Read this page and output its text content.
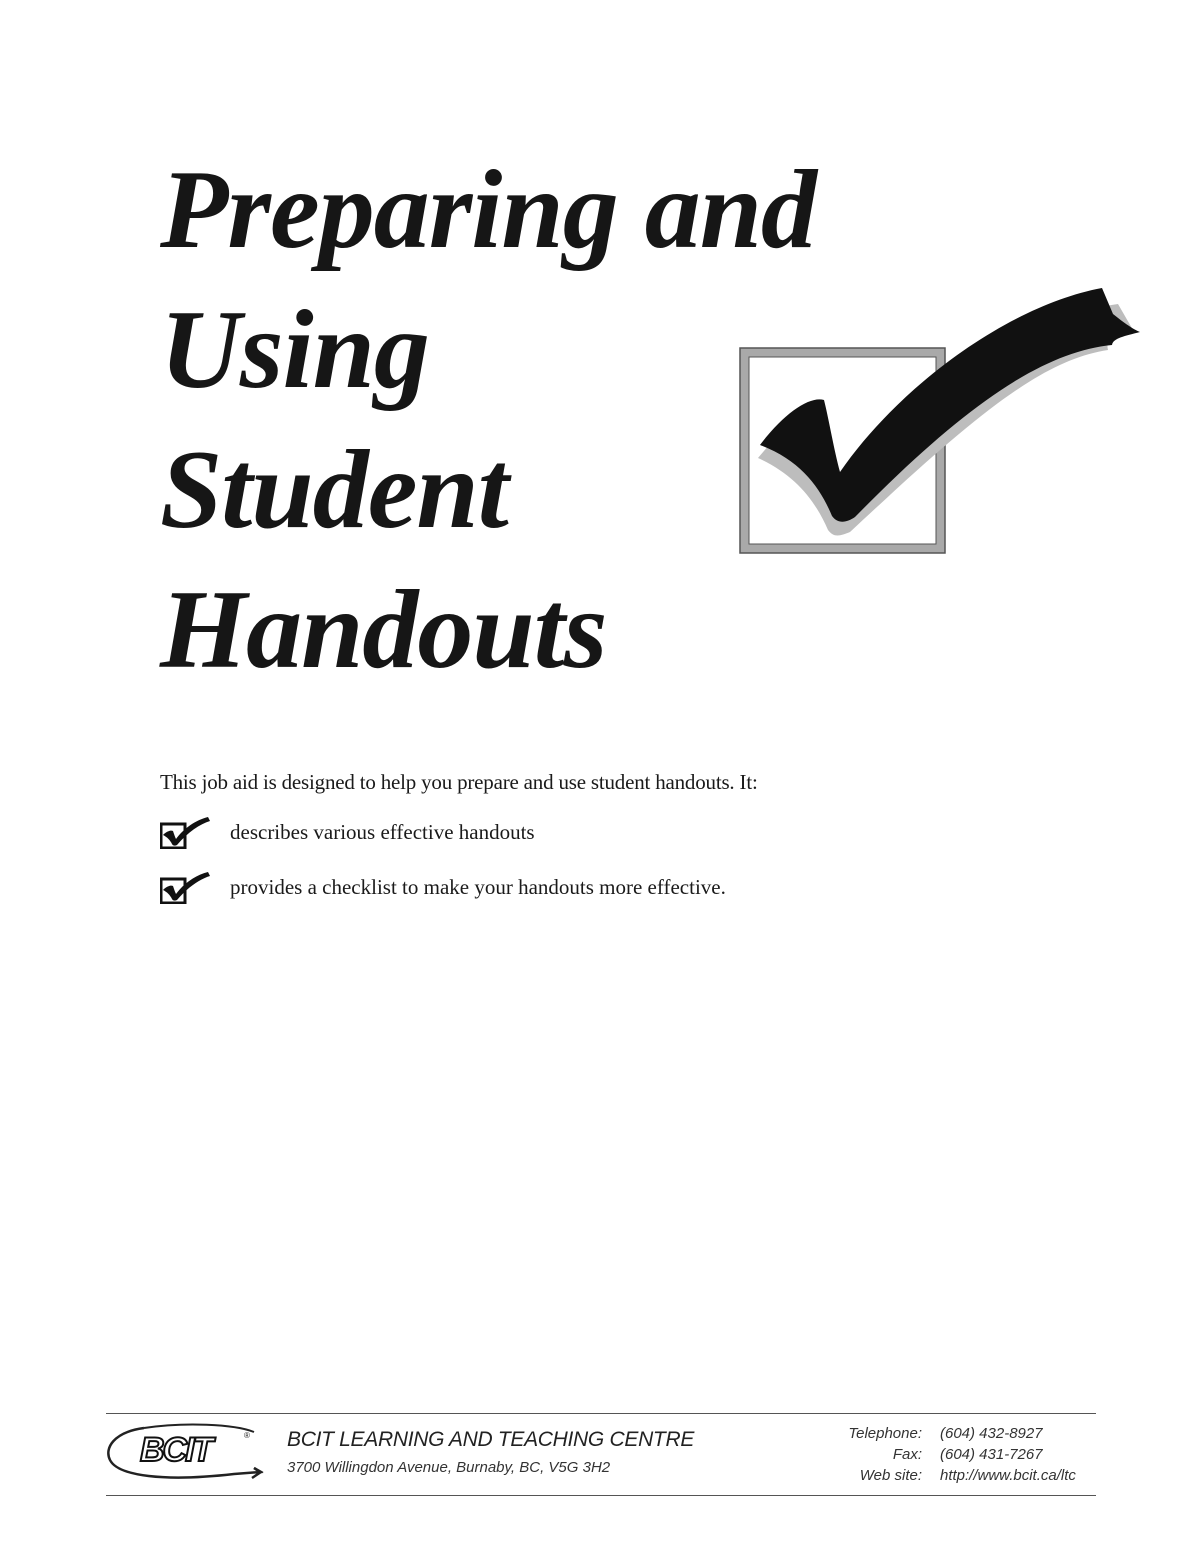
Preparing and
Using
Student
Handouts

This job aid is designed to help you prepare and use student handouts. It:

describes various effective handouts
provides a checklist to make your handouts more effective.
BCIT	® BCIT LEARNING AND TEACHING CENTRE
3700 Willingdon Avenue, Burnaby, BC, V5G 3H2
Telephone:	(604) 432-8927
Fax:	(604) 431-7267
Web site:	http://www.bcit.ca/ltc
